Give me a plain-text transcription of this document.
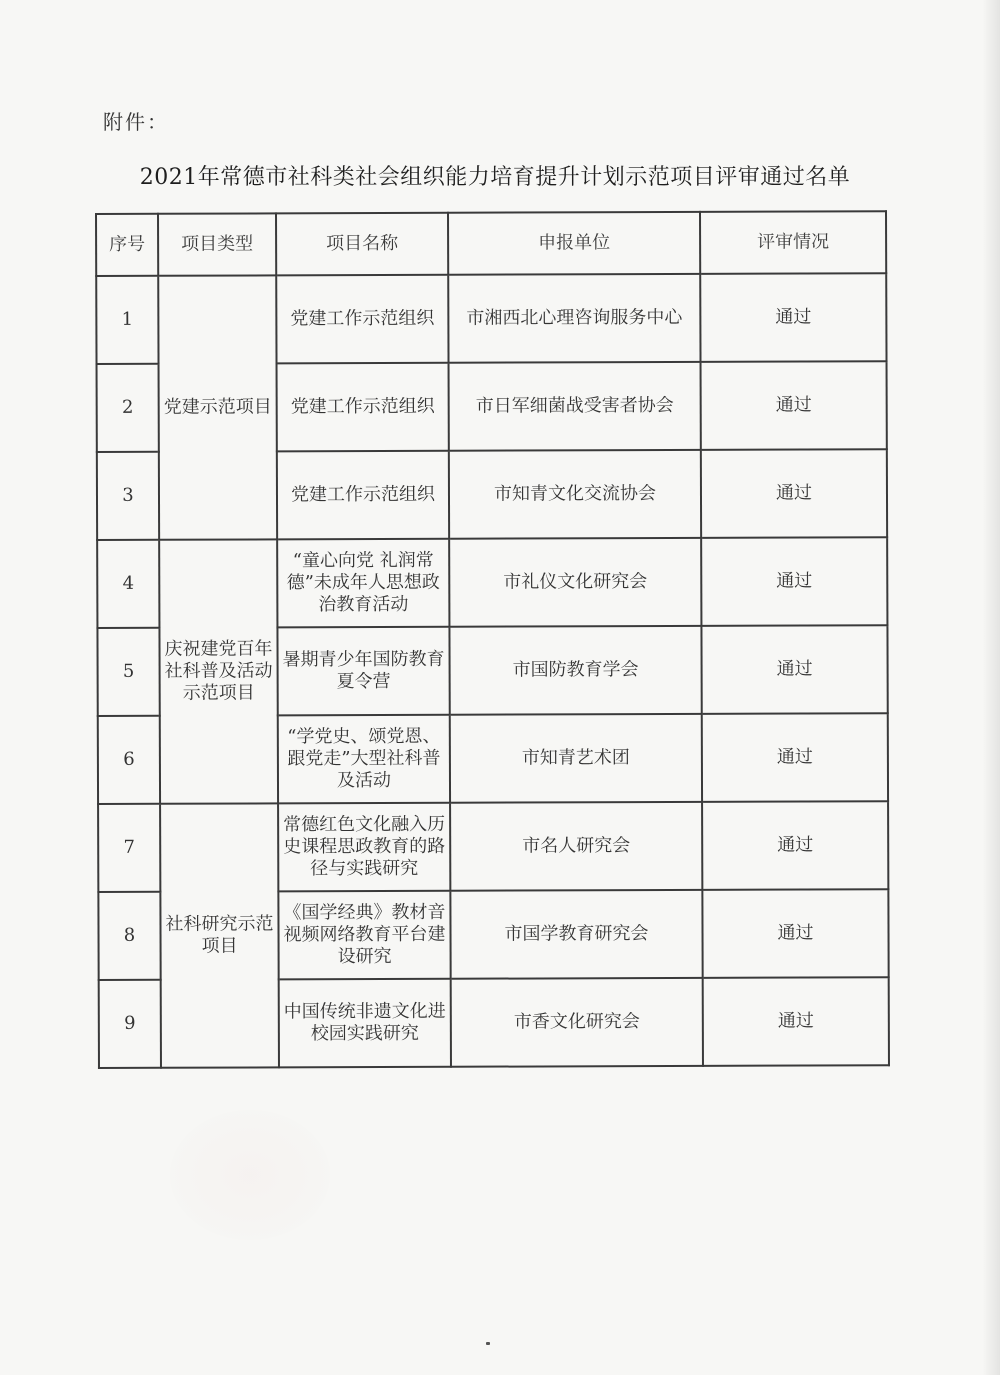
附件：
2021年常德市社科类社会组织能力培育提升计划示范项目评审通过名单
序号	项目类型	项目名称	申报单位	评审情况
1	党建示范项目	党建工作示范组织	市湘西北心理咨询服务中心	通过
2		党建工作示范组织	市日军细菌战受害者协会	通过
3		党建工作示范组织	市知青文化交流协会	通过
4	庆祝建党百年社科普及活动示范项目	“童心向党 礼润常德”未成年人思想政治教育活动	市礼仪文化研究会	通过
5		暑期青少年国防教育夏令营	市国防教育学会	通过
6		“学党史、颂党恩、跟党走”大型社科普及活动	市知青艺术团	通过
7	社科研究示范项目	常德红色文化融入历史课程思政教育的路径与实践研究	市名人研究会	通过
8		《国学经典》教材音视频网络教育平台建设研究	市国学教育研究会	通过
9		中国传统非遗文化进校园实践研究	市香文化研究会	通过
